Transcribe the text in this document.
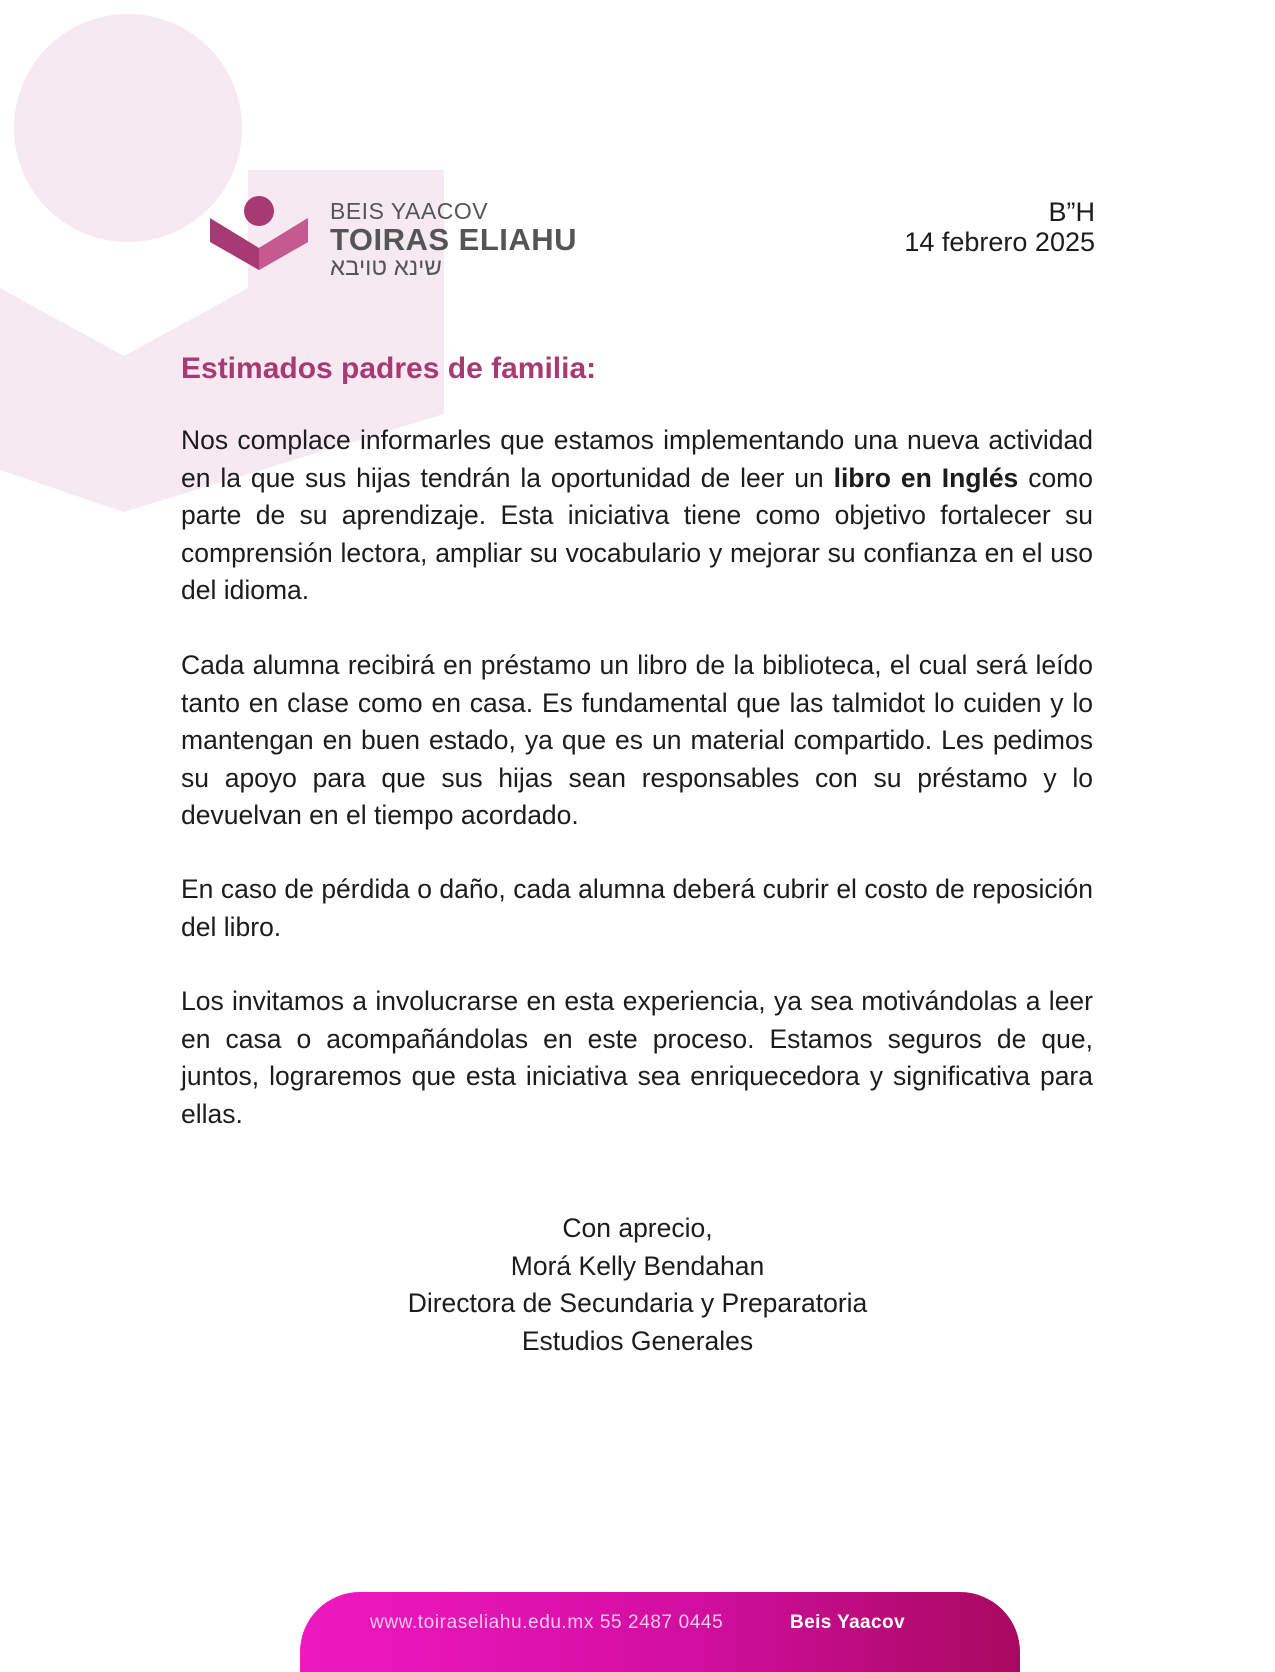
BEIS YAACOV
TOIRAS ELIAHU
שינא טויבא
B”H
14 febrero 2025
Estimados padres de familia:
Nos complace informarles que estamos implementando una nueva actividad en la que sus hijas tendrán la oportunidad de leer un libro en Inglés como parte de su aprendizaje. Esta iniciativa tiene como objetivo fortalecer su comprensión lectora, ampliar su vocabulario y mejorar su confianza en el uso del idioma.
Cada alumna recibirá en préstamo un libro de la biblioteca, el cual será leído tanto en clase como en casa. Es fundamental que las talmidot lo cuiden y lo mantengan en buen estado, ya que es un material compartido. Les pedimos su apoyo para que sus hijas sean responsables con su préstamo y lo devuelvan en el tiempo acordado.
En caso de pérdida o daño, cada alumna deberá cubrir el costo de reposición del libro.
Los invitamos a involucrarse en esta experiencia, ya sea motivándolas a leer en casa o acompañándolas en este proceso. Estamos seguros de que, juntos, lograremos que esta iniciativa sea enriquecedora y significativa para ellas.
Con aprecio,
Morá Kelly Bendahan
Directora de Secundaria y Preparatoria
Estudios Generales
www.toiraseliahu.edu.mx 55 2487 0445	Beis Yaacov
